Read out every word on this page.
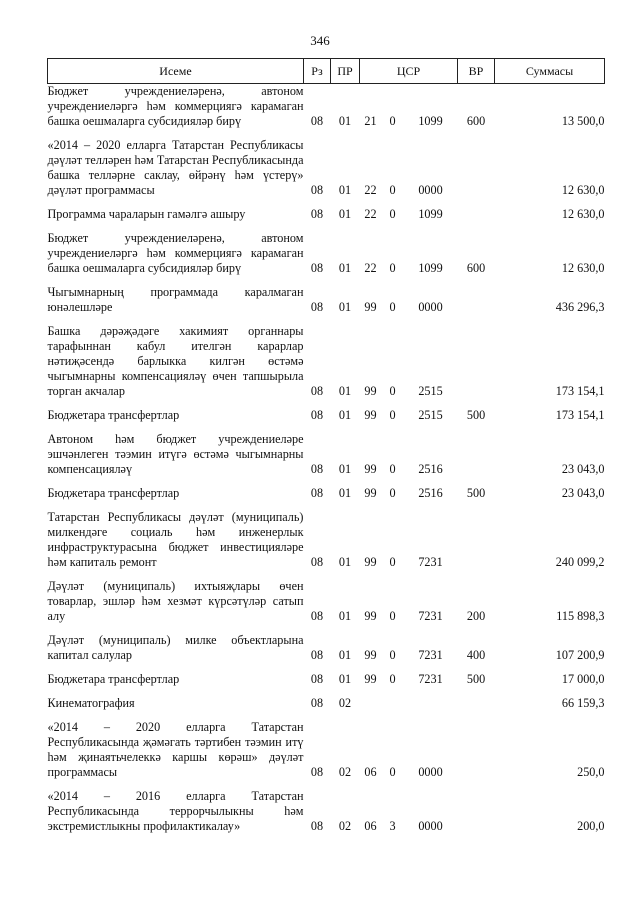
346
Исеме	Рз	ПР	ЦСР			ВР	Суммасы
Бюджет учреждениеләренә, автоном учреждениеләргә һәм коммерциягә карамаган башка оешмаларга субсидияләр бирү	08	01	21	0	1099	600	13 500,0

«2014 – 2020 елларга Татарстан Республикасы дәүләт телләрен һәм Татарстан Республикасында башка телләрне саклау, өйрәнү һәм үстерү» дәүләт программасы	08	01	22	0	0000		12 630,0

Программа чараларын гамәлгә ашыру	08	01	22	0	1099		12 630,0

Бюджет учреждениеләренә, автоном учреждениеләргә һәм коммерциягә карамаган башка оешмаларга субсидияләр бирү	08	01	22	0	1099	600	12 630,0

Чыгымнарның программада каралмаган юнәлешләре	08	01	99	0	0000		436 296,3

Башка дәрәҗәдәге хакимият органнары тарафыннан кабул ителгән карарлар нәтиҗәсендә барлыкка килгән өстәмә чыгымнарны компенсацияләү өчен тапшырыла торган акчалар	08	01	99	0	2515		173 154,1

Бюджетара трансфертлар	08	01	99	0	2515	500	173 154,1

Автоном һәм бюджет учреждениеләре эшчәнлеген тәэмин итүгә өстәмә чыгымнарны компенсацияләү	08	01	99	0	2516		23 043,0

Бюджетара трансфертлар	08	01	99	0	2516	500	23 043,0

Татарстан Республикасы дәүләт (муниципаль) милкендәге социаль һәм инженерлык инфраструктурасына бюджет инвестицияләре һәм капиталь ремонт	08	01	99	0	7231		240 099,2

Дәүләт (муниципаль) ихтыяҗлары өчен товарлар, эшләр һәм хезмәт күрсәтүләр сатып алу	08	01	99	0	7231	200	115 898,3

Дәүләт (муниципаль) милке объектларына капитал салулар	08	01	99	0	7231	400	107 200,9

Бюджетара трансфертлар	08	01	99	0	7231	500	17 000,0

Кинематография	08	02					66 159,3

«2014 – 2020 елларга Татарстан Республикасында җәмәгать тәртибен тәэмин итү һәм җинаятьчелеккә каршы көрәш» дәүләт программасы	08	02	06	0	0000		250,0

«2014 – 2016 елларга Татарстан Республикасында террорчылыкны һәм экстремистлыкны профилактикалау»	08	02	06	3	0000		200,0
